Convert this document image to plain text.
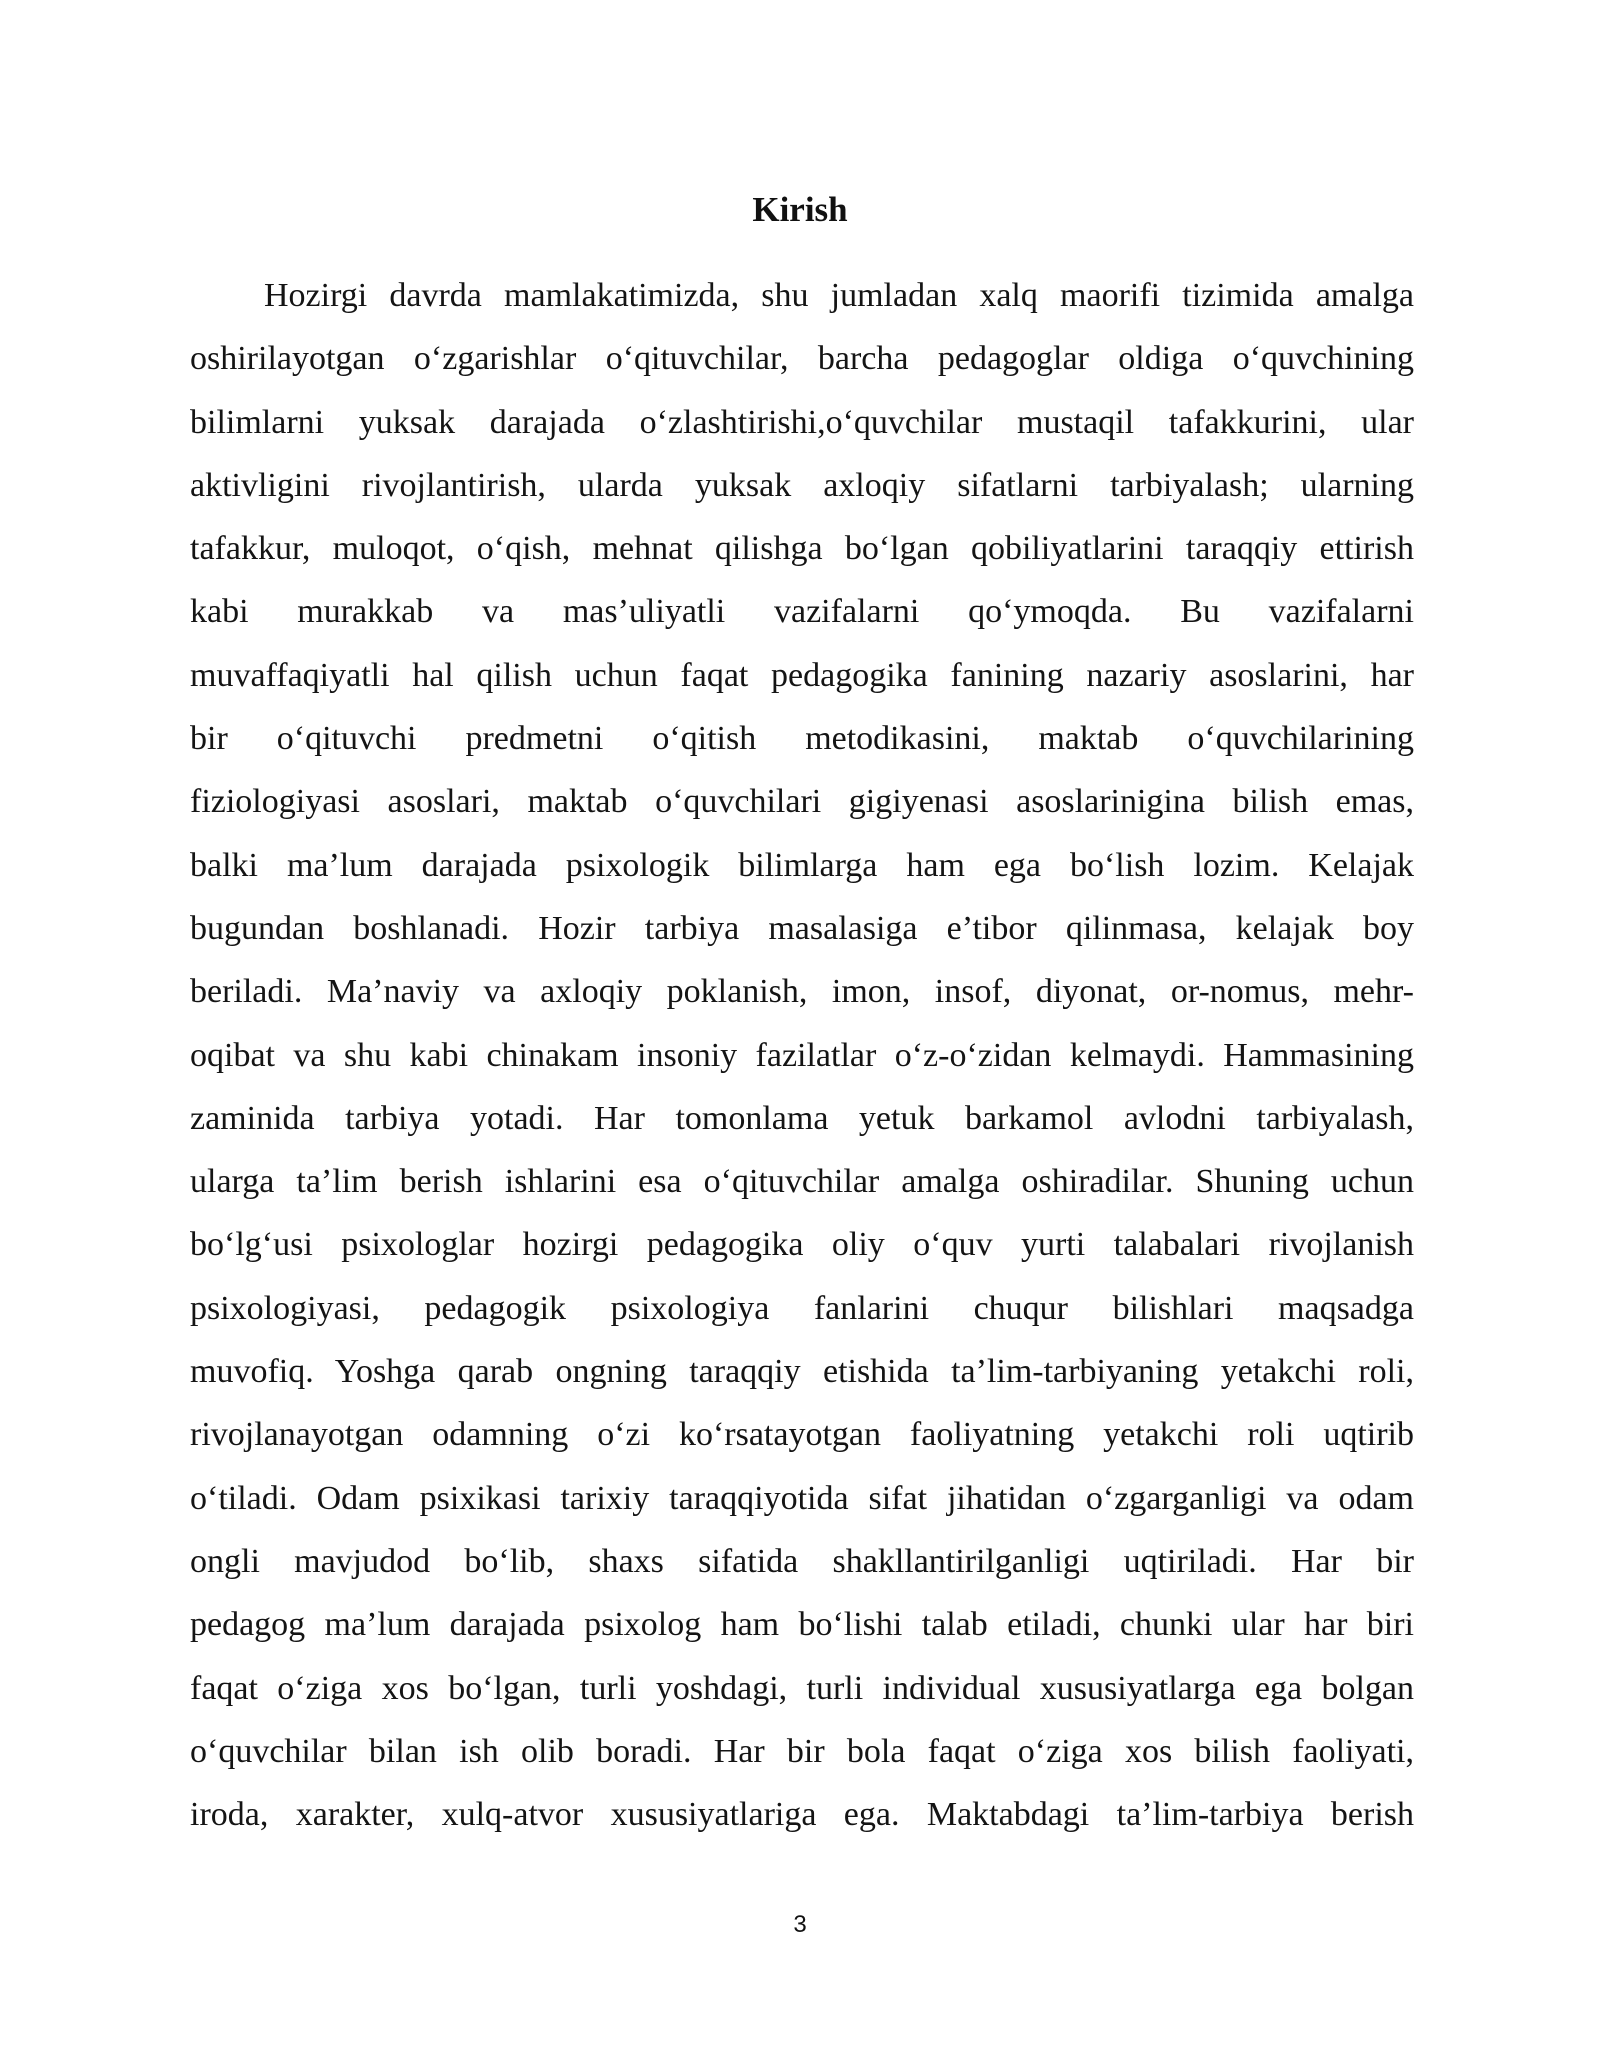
Kirish
Hozirgi davrda mamlakatimizda, shu jumladan xalq maorifi tizimida amalga
oshirilayotgan o‘zgarishlar o‘qituvchilar, barcha pedagoglar oldiga o‘quvchining
bilimlarni yuksak darajada o‘zlashtirishi,o‘quvchilar mustaqil tafakkurini, ular
aktivligini rivojlantirish, ularda yuksak axloqiy sifatlarni tarbiyalash; ularning
tafakkur, muloqot, o‘qish, mehnat qilishga bo‘lgan qobiliyatlarini taraqqiy ettirish
kabi murakkab va mas’uliyatli vazifalarni qo‘ymoqda. Bu vazifalarni
muvaffaqiyatli hal qilish uchun faqat pedagogika fanining nazariy asoslarini, har
bir o‘qituvchi predmetni o‘qitish metodikasini, maktab o‘quvchilarining
fiziologiyasi asoslari, maktab o‘quvchilari gigiyenasi asoslarinigina bilish emas,
balki ma’lum darajada psixologik bilimlarga ham ega bo‘lish lozim. Kelajak
bugundan boshlanadi. Hozir tarbiya masalasiga e’tibor qilinmasa, kelajak boy
beriladi. Ma’naviy va axloqiy poklanish, imon, insof, diyonat, or-nomus, mehr-
oqibat va shu kabi chinakam insoniy fazilatlar o‘z-o‘zidan kelmaydi. Hammasining
zaminida tarbiya yotadi. Har tomonlama yetuk barkamol avlodni tarbiyalash,
ularga ta’lim berish ishlarini esa o‘qituvchilar amalga oshiradilar. Shuning uchun
bo‘lg‘usi psixologlar hozirgi pedagogika oliy o‘quv yurti talabalari rivojlanish
psixologiyasi, pedagogik psixologiya fanlarini chuqur bilishlari maqsadga
muvofiq. Yoshga qarab ongning taraqqiy etishida ta’lim-tarbiyaning yetakchi roli,
rivojlanayotgan odamning o‘zi ko‘rsatayotgan faoliyatning yetakchi roli uqtirib
o‘tiladi. Odam psixikasi tarixiy taraqqiyotida sifat jihatidan o‘zgarganligi va odam
ongli mavjudod bo‘lib, shaxs sifatida shakllantirilganligi uqtiriladi. Har bir
pedagog ma’lum darajada psixolog ham bo‘lishi talab etiladi, chunki ular har biri
faqat o‘ziga xos bo‘lgan, turli yoshdagi, turli individual xususiyatlarga ega bolgan
o‘quvchilar bilan ish olib boradi. Har bir bola faqat o‘ziga xos bilish faoliyati,
iroda, xarakter, xulq-atvor xususiyatlariga ega. Maktabdagi ta’lim-tarbiya berish
3
